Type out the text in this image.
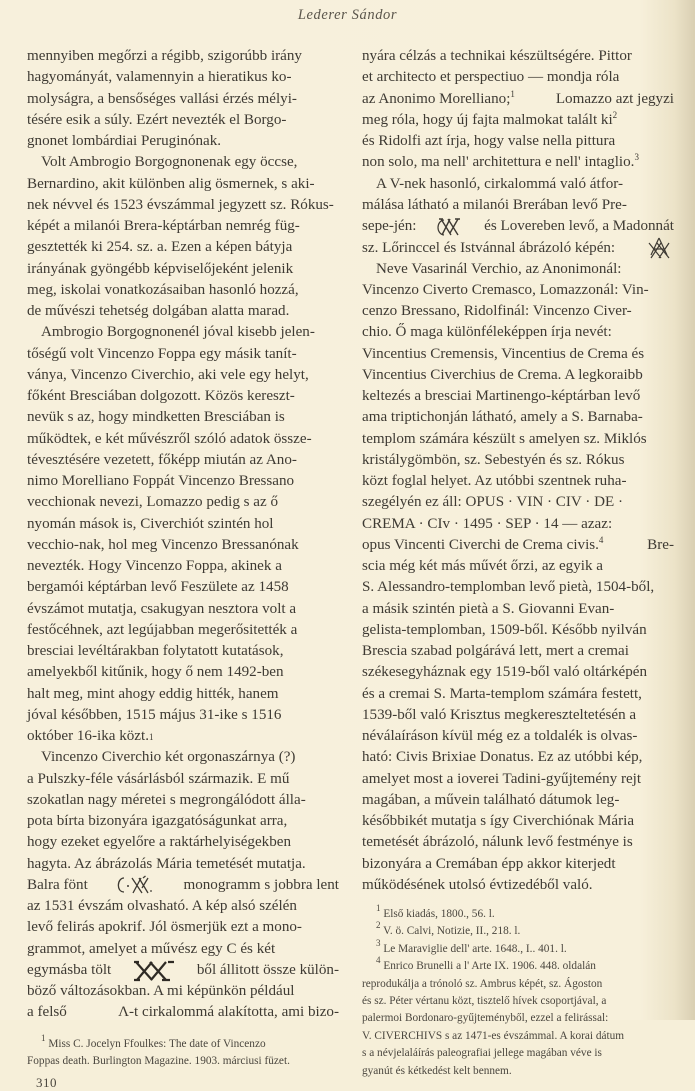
Lederer Sándor
mennyiben megőrzi a régibb, szigorúbb irány
hagyományát, valamennyin a hieratikus ko-
molyságra, a bensőséges vallási érzés mélyi-
tésére esik a súly. Ezért nevezték el Borgo-
gnonet lombárdiai Peruginónak.
Volt Ambrogio Borgognonenak egy öccse,
Bernardino, akit különben alig ösmernek, s aki-
nek névvel és 1523 évszámmal jegyzett sz. Rókus-
képét a milanói Brera-képtárban nemrég füg-
gesztették ki 254. sz. a. Ezen a képen bátyja
irányának gyöngébb képviselőjeként jelenik
meg, iskolai vonatkozásaiban hasonló hozzá,
de művészi tehetség dolgában alatta marad.
Ambrogio Borgognonenél jóval kisebb jelen-
tőségű volt Vincenzo Foppa egy másik tanít-
ványa, Vincenzo Civerchio, aki vele egy helyt,
főként Bresciában dolgozott. Közös kereszt-
nevük s az, hogy mindketten Bresciában is
működtek, e két művészről szóló adatok össze-
tévesztésére vezetett, főképp miután az Ano-
nimo Morelliano Foppát Vincenzo Bressano
vecchionak nevezi, Lomazzo pedig s az ő
nyomán mások is, Civerchiót szintén hol
vecchio-nak, hol meg Vincenzo Bressanónak
nevezték. Hogy Vincenzo Foppa, akinek a
bergamói képtárban levő Feszülete az 1458
évszámot mutatja, csakugyan nesztora volt a
festőcéhnek, azt legújabban megerősitették a
bresciai levéltárakban folytatott kutatások,
amelyekből kitűnik, hogy ő nem 1492-ben
halt meg, mint ahogy eddig hitték, hanem
jóval későbben, 1515 május 31-ike s 1516
október 16-ika közt. 1
Vincenzo Civerchio két orgonaszárnya (?)
a Pulszky-féle vásárlásból származik. E mű
szokatlan nagy méretei s megrongálódott álla-
pota bírta bizonyára igazgatóságunkat arra,
hogy ezeket egyelőre a raktárhelyiségekben
hagyta. Az ábrázolás Mária temetését mutatja.
Balra fönt	monogramm s jobbra lent
az 1531 évszám olvasható. A kép alsó szélén
levő felirás apokrif. Jól ösmerjük ezt a mono-
grammot, amelyet a művész egy C és két
egymásba tölt	ből állitott össze külön-
böző változásokban. A mi képünkön például
a felső	Λ-t cirkalommá alakította, ami bizo-
nyára célzás a technikai készültségére. Pittor
et architecto et perspectiuo — mondja róla
az Anonimo Morelliano;$^1$	Lomazzo azt jegyzi
meg róla, hogy új fajta malmokat talált $ki^2$
és Ridolfi azt írja, hogy valse nella pittura
non solo, ma nell' architettura e nell' intaglio.$^3$
A V-nek hasonló, cirkalommá való átfor-
málása látható a milanói Brerában levő Pre-
sepe-jén:	és Lovereben levő, a Madonnát
sz. Lőrinccel és Istvánnal ábrázoló képén:
Neve Vasarinál Verchio, az Anonimonál:
Vincenzo Civerto Cremasco, Lomazzonál: Vin-
cenzo Bressano, Ridolfinál: Vincenzo Civer-
chio. Ő maga különféleképpen írja nevét:
Vincentius Cremensis, Vincentius de Crema és
Vincentius Civerchius de Crema. A legkoraibb
keltezés a bresciai Martinengo-képtárban levő
ama triptichonján látható, amely a S. Barnaba-
templom számára készült s amelyen sz. Miklós
kristálygömbön, sz. Sebestyén és sz. Rókus
közt foglal helyet. Az utóbbi szentnek ruha-
szegélyén ez áll: OPUS · VIN · CIV · DE ·
CREMA · CIv · 1495 · SEP · 14 — azaz:
opus Vincenti Civerchi de Crema civis.$^4$	Bre-
scia még két más művét őrzi, az egyik a
S. Alessandro-templomban levő pietà, 1504-ből,
a másik szintén pietà a S. Giovanni Evan-
gelista-templomban, 1509-ből. Később nyilván
Brescia szabad polgárává lett, mert a cremai
székesegyháznak egy 1519-ből való oltárképén
és a cremai S. Marta-templom számára festett,
1539-ből való Krisztus megkereszteltetésén a
néválaíráson kívül még ez a toldalék is olvas-
ható: Civis Brixiae Donatus. Ez az utóbbi kép,
amelyet most a ioverei Tadini-gyűjtemény rejt
magában, a művein található dátumok leg-
későbbikét mutatja s így Civerchiónak Mária
temetését ábrázoló, nálunk levő festménye is
bizonyára a Cremában épp akkor kiterjedt
működésének utolsó évtizedéből való.
$^1$ Miss C. Jocelyn Ffoulkes: The date of Vincenzo
Foppas death. Burlington Magazine. 1903. márciusi füzet.
$^1$ Első kiadás, 1800., 56. l.
$^2$ V. ö. Calvi, Notizie, II., 218. l.
$^3$ Le Maraviglie dell' arte. 1648., I.. 401. l.
$^4$ Enrico Brunelli a l' Arte IX. 1906. 448. oldalán
reprodukálja a trónoló sz. Ambrus képét, sz. Ágoston
és sz. Péter vértanu közt, tisztelő hívek csoportjával, a
palermoi Bordonaro-gyűjteményből, ezzel a felirással:
V. CIVERCHIVS s az 1471-es évszámmal. A korai dátum
s a névjelaláírás paleografiai jellege magában véve is
gyanút és kétkedést kelt bennem.
310
